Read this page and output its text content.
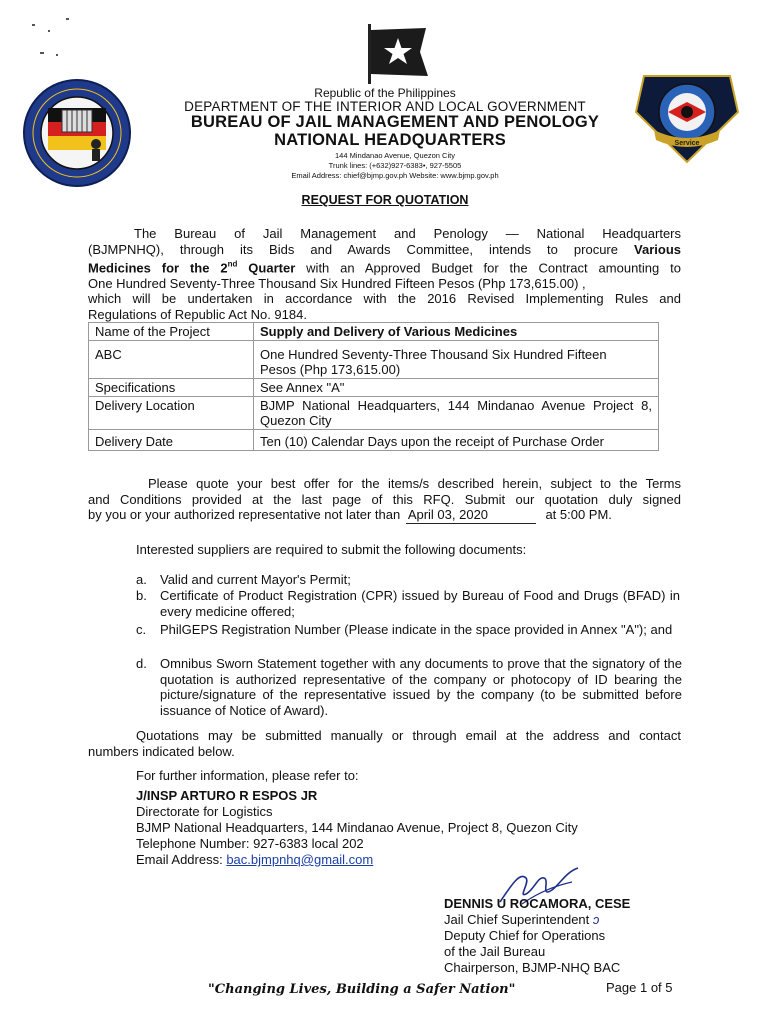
Service
Republic of the Philippines
DEPARTMENT OF THE INTERIOR AND LOCAL GOVERNMENT
BUREAU OF JAIL MANAGEMENT AND PENOLOGY
NATIONAL HEADQUARTERS
144 Mindanao Avenue, Quezon City
Trunk lines: (+632)927-6383•, 927-5505
Email Address: chief@bjmp.gov.ph Website: www.bjmp.gov.ph
REQUEST FOR QUOTATION
The Bureau of Jail Management and Penology — National Headquarters
(BJMPNHQ), through its Bids and Awards Committee, intends to procure Various
Medicines for the 2nd Quarter with an Approved Budget for the Contract amounting to
One Hundred Seventy-Three Thousand Six Hundred Fifteen Pesos (Php 173,615.00) ,
which will be undertaken in accordance with the 2016 Revised Implementing Rules and
Regulations of Republic Act No. 9184.
Name of the Project	Supply and Delivery of Various Medicines
ABC	One Hundred Seventy-Three Thousand Six Hundred Fifteen Pesos (Php 173,615.00)
Specifications	See Annex "A"
Delivery Location	BJMP National Headquarters, 144 Mindanao Avenue Project 8, Quezon City
Delivery Date	Ten (10) Calendar Days upon the receipt of Purchase Order
Please quote your best offer for the items/s described herein, subject to the Terms
and Conditions provided at the last page of this RFQ. Submit our quotation duly signed
by you or your authorized representative not later than April 03, 2020	at 5:00 PM.
Interested suppliers are required to submit the following documents:
a. Valid and current Mayor's Permit;
b. Certificate of Product Registration (CPR) issued by Bureau of Food and Drugs (BFAD) in every medicine offered;
c. PhilGEPS Registration Number (Please indicate in the space provided in Annex "A"); and
d. Omnibus Sworn Statement together with any documents to prove that the signatory of the quotation is authorized representative of the company or photocopy of ID bearing the picture/signature of the representative issued by the company (to be submitted before issuance of Notice of Award).
Quotations may be submitted manually or through email at the address and contact
numbers indicated below.
For further information, please refer to:
J/INSP ARTURO R ESPOS JR
Directorate for Logistics
BJMP National Headquarters, 144 Mindanao Avenue, Project 8, Quezon City
Telephone Number: 927-6383 local 202
Email Address: bac.bjmpnhq@gmail.com
DENNIS U ROCAMORA, CESE
Jail Chief Superintendent ↄ
Deputy Chief for Operations
of the Jail Bureau
Chairperson, BJMP-NHQ BAC
"Changing Lives, Building a Safer Nation"	Page 1 of 5
